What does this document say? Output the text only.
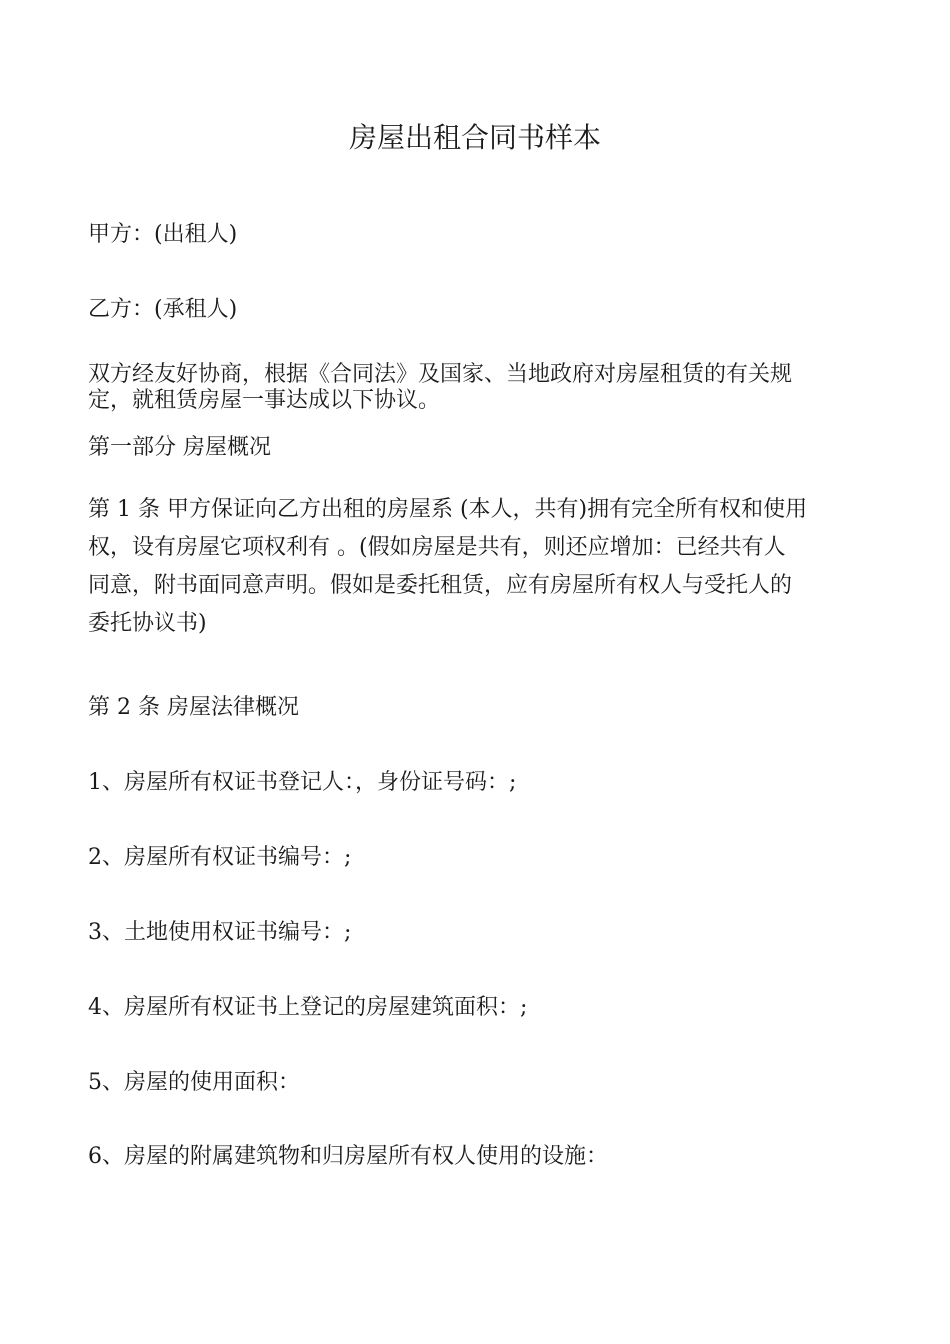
房屋出租合同书样本
甲方：(出租人)
乙方：(承租人)
双方经友好协商，根据《合同法》及国家、当地政府对房屋租赁的有关规
定，就租赁房屋一事达成以下协议。
第一部分 房屋概况
第 1 条 甲方保证向乙方出租的房屋系 (本人，共有)拥有完全所有权和使用
权，设有房屋它项权利有 。(假如房屋是共有，则还应增加：已经共有人
同意，附书面同意声明。假如是委托租赁，应有房屋所有权人与受托人的
委托协议书)
第 2 条 房屋法律概况
1、房屋所有权证书登记人：，身份证号码：;
2、房屋所有权证书编号：;
3、土地使用权证书编号：;
4、房屋所有权证书上登记的房屋建筑面积：;
5、房屋的使用面积：
6、房屋的附属建筑物和归房屋所有权人使用的设施：
